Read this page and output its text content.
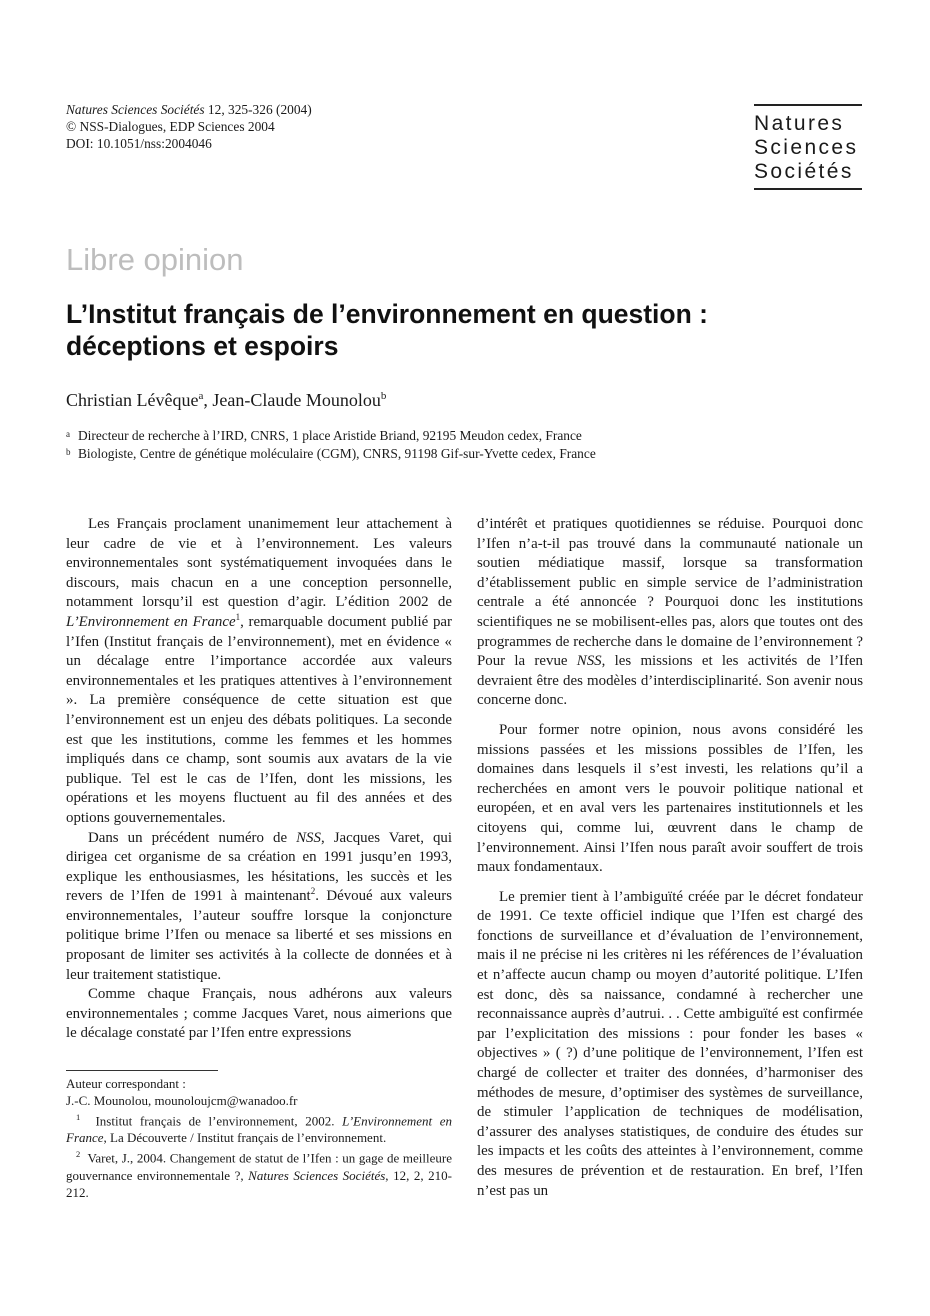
Natures Sciences Sociétés 12, 325-326 (2004)
© NSS-Dialogues, EDP Sciences 2004
DOI: 10.1051/nss:2004046
Natures
Sciences
Sociétés
Libre opinion
L’Institut français de l’environnement en question : déceptions et espoirs
Christian Lévêque$^a$, Jean-Claude Mounolou$^b$
a Directeur de recherche à l’IRD, CNRS, 1 place Aristide Briand, 92195 Meudon cedex, France
b Biologiste, Centre de génétique moléculaire (CGM), CNRS, 91198 Gif-sur-Yvette cedex, France

Les Français proclament unanimement leur attachement à leur cadre de vie et à l’environnement. Les valeurs environnementales sont systématiquement invoquées dans le discours, mais chacun en a une conception personnelle, notamment lorsqu’il est question d’agir. L’édition 2002 de L’Environnement en France$^1$, remarquable document publié par l’Ifen (Institut français de l’environnement), met en évidence « un décalage entre l’importance accordée aux valeurs environnementales et les pratiques attentives à l’environnement ». La première conséquence de cette situation est que l’environnement est un enjeu des débats politiques. La seconde est que les institutions, comme les femmes et les hommes impliqués dans ce champ, sont soumis aux avatars de la vie publique. Tel est le cas de l’Ifen, dont les missions, les opérations et les moyens fluctuent au fil des années et des options gouvernementales.

Dans un précédent numéro de NSS, Jacques Varet, qui dirigea cet organisme de sa création en 1991 jusqu’en 1993, explique les enthousiasmes, les hésitations, les succès et les revers de l’Ifen de 1991 à maintenant$^2$. Dévoué aux valeurs environnementales, l’auteur souffre lorsque la conjoncture politique brime l’Ifen ou menace sa liberté et ses missions en proposant de limiter ses activités à la collecte de données et à leur traitement statistique.

Comme chaque Français, nous adhérons aux valeurs environnementales ; comme Jacques Varet, nous aimerions que le décalage constaté par l’Ifen entre expressions

d’intérêt et pratiques quotidiennes se réduise. Pourquoi donc l’Ifen n’a-t-il pas trouvé dans la communauté nationale un soutien médiatique massif, lorsque sa transformation d’établissement public en simple service de l’administration centrale a été annoncée ? Pourquoi donc les institutions scientifiques ne se mobilisent-elles pas, alors que toutes ont des programmes de recherche dans le domaine de l’environnement ? Pour la revue NSS, les missions et les activités de l’Ifen devraient être des modèles d’interdisciplinarité. Son avenir nous concerne donc.

Pour former notre opinion, nous avons considéré les missions passées et les missions possibles de l’Ifen, les domaines dans lesquels il s’est investi, les relations qu’il a recherchées en amont vers le pouvoir politique national et européen, et en aval vers les partenaires institutionnels et les citoyens qui, comme lui, œuvrent dans le champ de l’environnement. Ainsi l’Ifen nous paraît avoir souffert de trois maux fondamentaux.

Le premier tient à l’ambiguïté créée par le décret fondateur de 1991. Ce texte officiel indique que l’Ifen est chargé des fonctions de surveillance et d’évaluation de l’environnement, mais il ne précise ni les critères ni les références de l’évaluation et n’affecte aucun champ ou moyen d’autorité politique. L’Ifen est donc, dès sa naissance, condamné à rechercher une reconnaissance auprès d’autrui. . . Cette ambiguïté est confirmée par l’explicitation des missions : pour fonder les bases « objectives » ( ?) d’une politique de l’environnement, l’Ifen est chargé de collecter et traiter des données, d’harmoniser des méthodes de mesure, d’optimiser des systèmes de surveillance, de stimuler l’application de techniques de modélisation, d’assurer des analyses statistiques, de conduire des études sur les impacts et les coûts des atteintes à l’environnement, comme des mesures de prévention et de restauration. En bref, l’Ifen n’est pas un

Auteur correspondant :
J.-C. Mounolou, mounoloujcm@wanadoo.fr
$^1$ Institut français de l’environnement, 2002. L’Environnement en France, La Découverte / Institut français de l’environnement.
$^2$ Varet, J., 2004. Changement de statut de l’Ifen : un gage de meilleure gouvernance environnementale ?, Natures Sciences Sociétés, 12, 2, 210-212.
